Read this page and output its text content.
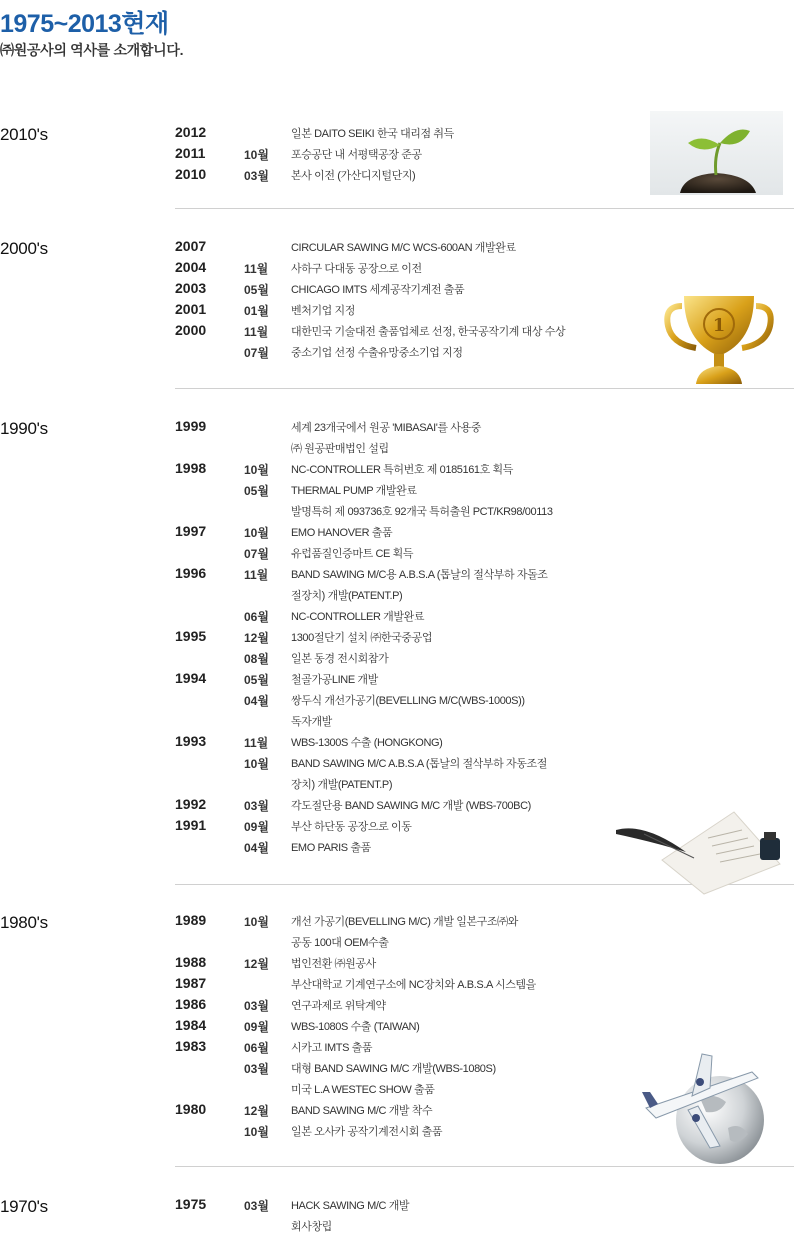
1975~2013현재
㈜원공사의 역사를 소개합니다.
2010's	2012	일본 DAITO SEIKI 한국 대리점 취득
2011	10월 포승공단 내 서평택공장 준공
2010	03월 본사 이전 (가산디지털단지)
2000's	2007	CIRCULAR SAWING M/C WCS-600AN 개발완료
2004	11월 사하구 다대동 공장으로 이전
2003	05월 CHICAGO IMTS 세계공작기계전 출품
2001	01월 벤처기업 지정
2000	11월 대한민국 기술대전 출품업체로 선정, 한국공작기계 대상 수상
07월 중소기업 선정 수출유망중소기업 지정
1990's	1999	세계 23개국에서 원공 'MIBASAI'를 사용중
㈜ 원공판매법인 설립
1998	10월 NC-CONTROLLER 특허번호 제 0185161호 획득
05월 THERMAL PUMP 개발완료
발명특허 제 093736호 92개국 특허출원 PCT/KR98/00113
1997	10월 EMO HANOVER 출품
07월 유럽품질인증마트 CE 획득
1996	11월 BAND SAWING M/C용 A.B.S.A (톱날의 절삭부하 자돌조
절장치) 개발(PATENT.P)
06월 NC-CONTROLLER 개발완료
1995	12월 1300절단기 설치 ㈜한국중공업
08월 일본 동경 전시회참가
1994	05월 철골가공LINE 개발
04월 쌍두식 개선가공기(BEVELLING M/C(WBS-1000S))
독자개발
1993	11월 WBS-1300S 수출 (HONGKONG)
10월 BAND SAWING M/C A.B.S.A (톱날의 절삭부하 자동조절
장치) 개발(PATENT.P)
1992	03월 각도절단용 BAND SAWING M/C 개발 (WBS-700BC)
1991	09월 부산 하단동 공장으로 이동
04월 EMO PARIS 출품
1980's	1989	10월 개선 가공기(BEVELLING M/C) 개발 일본구조㈜와
공동 100대 OEM수출
1988	12월 법인전환 ㈜원공사
1987	부산대학교 기계연구소에 NC장치와 A.B.S.A 시스템을
1986	03월 연구과제로 위탁계약
1984	09월 WBS-1080S 수출 (TAIWAN)
1983	06월 시카고 IMTS 출품
03월 대형 BAND SAWING M/C 개발(WBS-1080S)
미국 L.A WESTEC SHOW 출품
1980	12월 BAND SAWING M/C 개발 착수
10월 일본 오사카 공작기계전시회 출품
1970's	1975	03월 HACK SAWING M/C 개발
회사창립
1
